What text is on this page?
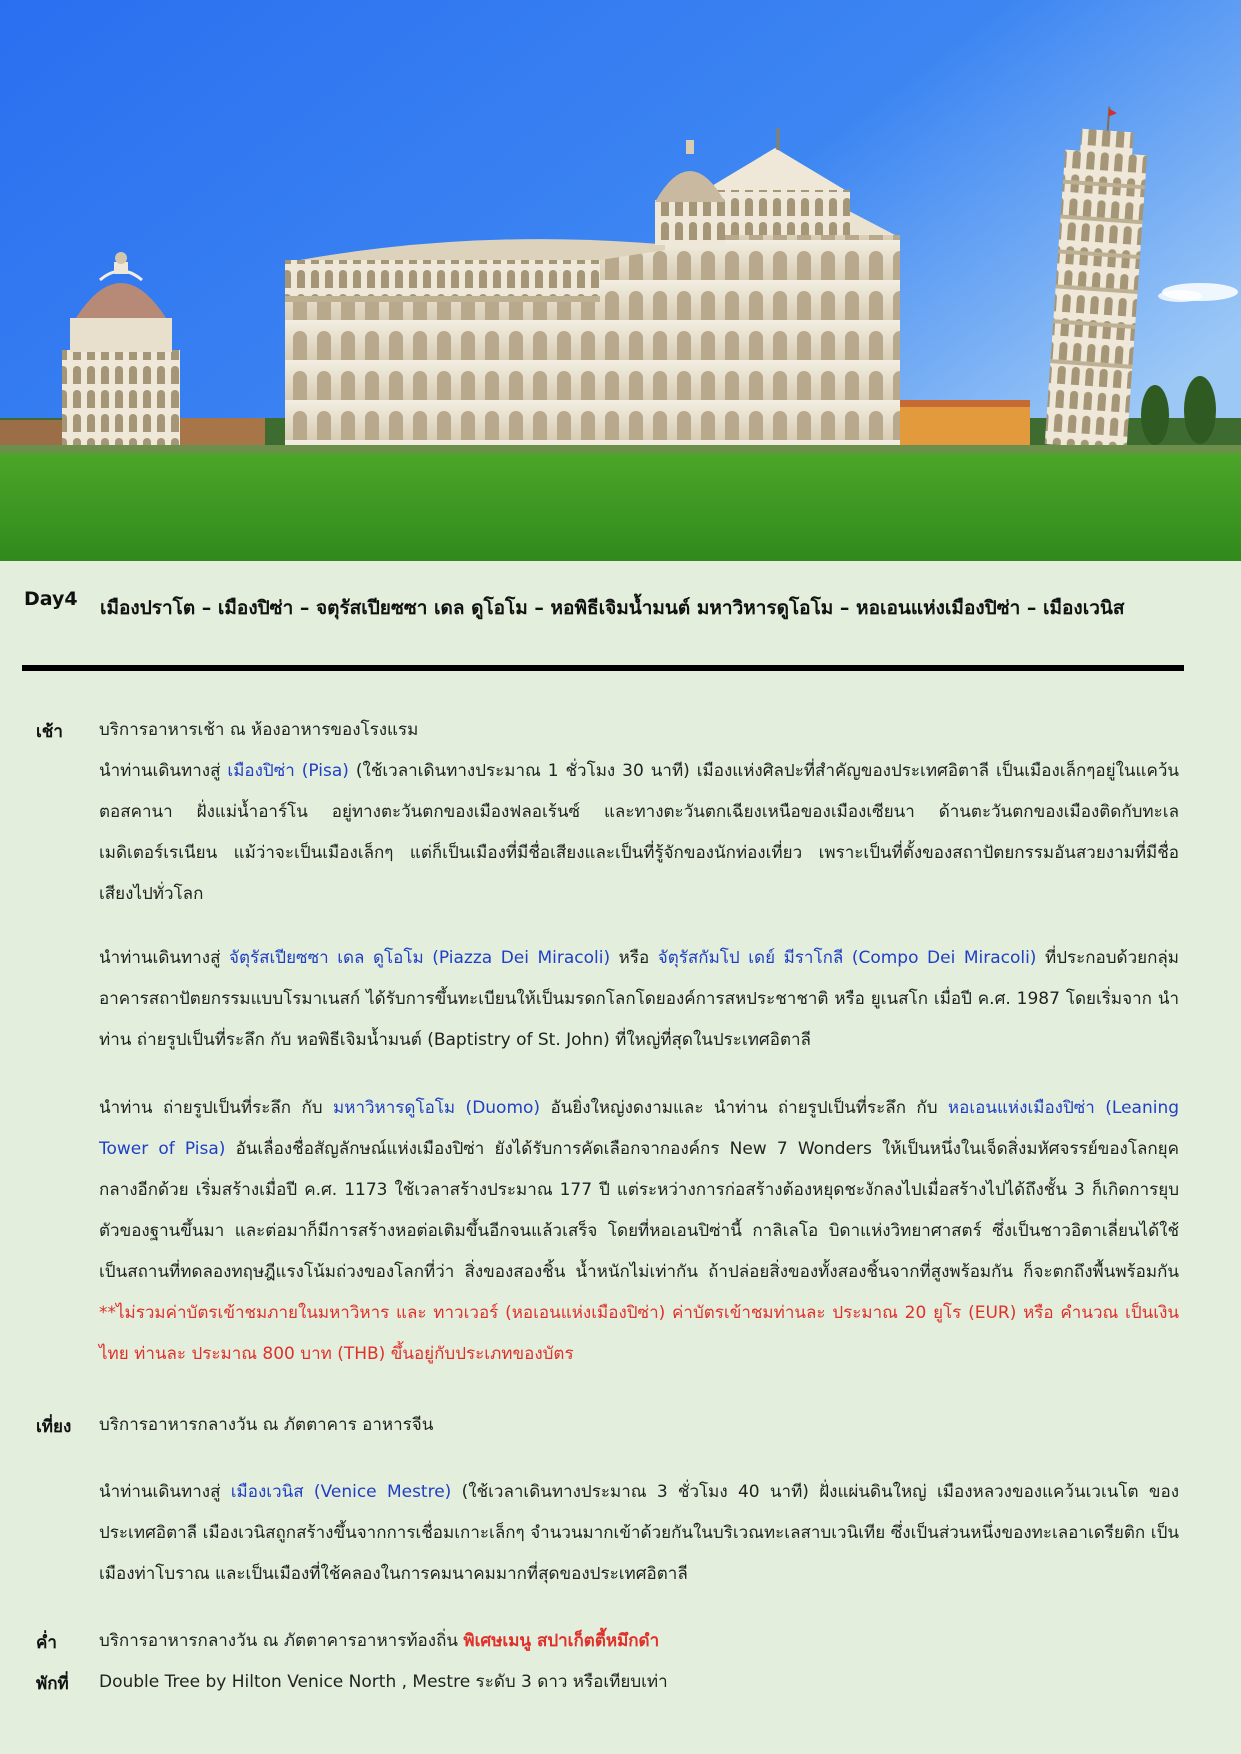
Day4 เมืองปราโต – เมืองปิซ่า – จตุรัสเปียซซา เดล ดูโอโม – หอพิธีเจิมน้ำมนต์ มหาวิหารดูโอโม – หอเอนแห่งเมืองปิซ่า – เมืองเวนิส
เช้า บริการอาหารเช้า ณ ห้องอาหารของโรงแรม
นำท่านเดินทางสู่ เมืองปิซ่า (Pisa) (ใช้เวลาเดินทางประมาณ 1 ชั่วโมง 30 นาที) เมืองแห่งศิลปะที่สำคัญของประเทศอิตาลี เป็นเมืองเล็กๆอยู่ในแคว้นตอสคานา ฝั่งแม่น้ำอาร์โน อยู่ทางตะวันตกของเมืองฟลอเร้นซ์ และทางตะวันตกเฉียงเหนือของเมืองเซียนา ด้านตะวันตกของเมืองติดกับทะเลเมดิเตอร์เรเนียน แม้ว่าจะเป็นเมืองเล็กๆ แต่ก็เป็นเมืองที่มีชื่อเสียงและเป็นที่รู้จักของนักท่องเที่ยว เพราะเป็นที่ตั้งของสถาปัตยกรรมอันสวยงามที่มีชื่อเสียงไปทั่วโลก
นำท่านเดินทางสู่ จัตุรัสเปียซซา เดล ดูโอโม (Piazza Dei Miracoli) หรือ จัตุรัสกัมโป เดย์ มีราโกลี (Compo Dei Miracoli) ที่ประกอบด้วยกลุ่มอาคารสถาปัตยกรรมแบบโรมาเนสก์ ได้รับการขึ้นทะเบียนให้เป็นมรดกโลกโดยองค์การสหประชาชาติ หรือ ยูเนสโก เมื่อปี ค.ศ. 1987 โดยเริ่มจาก นำท่าน ถ่ายรูปเป็นที่ระลึก กับ หอพิธีเจิมน้ำมนต์ (Baptistry of St. John) ที่ใหญ่ที่สุดในประเทศอิตาลี
นำท่าน ถ่ายรูปเป็นที่ระลึก กับ มหาวิหารดูโอโม (Duomo) อันยิ่งใหญ่งดงามและ นำท่าน ถ่ายรูปเป็นที่ระลึก กับ หอเอนแห่งเมืองปิซ่า (Leaning Tower of Pisa) อันเลื่องชื่อสัญลักษณ์แห่งเมืองปิซ่า ยังได้รับการคัดเลือกจากองค์กร New 7 Wonders ให้เป็นหนึ่งในเจ็ดสิ่งมหัศจรรย์ของโลกยุคกลางอีกด้วย เริ่มสร้างเมื่อปี ค.ศ. 1173 ใช้เวลาสร้างประมาณ 177 ปี แต่ระหว่างการก่อสร้างต้องหยุดชะงักลงไปเมื่อสร้างไปได้ถึงชั้น 3 ก็เกิดการยุบตัวของฐานขึ้นมา และต่อมาก็มีการสร้างหอต่อเติมขึ้นอีกจนแล้วเสร็จ โดยที่หอเอนปิซ่านี้ กาลิเลโอ บิดาแห่งวิทยาศาสตร์ ซึ่งเป็นชาวอิตาเลี่ยนได้ใช้เป็นสถานที่ทดลองทฤษฎีแรงโน้มถ่วงของโลกที่ว่า สิ่งของสองชิ้น น้ำหนักไม่เท่ากัน ถ้าปล่อยสิ่งของทั้งสองชิ้นจากที่สูงพร้อมกัน ก็จะตกถึงพื้นพร้อมกัน **ไม่รวมค่าบัตรเข้าชมภายในมหาวิหาร และ ทาวเวอร์ (หอเอนแห่งเมืองปิซ่า) ค่าบัตรเข้าชมท่านละ ประมาณ 20 ยูโร (EUR) หรือ คำนวณ เป็นเงินไทย ท่านละ ประมาณ 800 บาท (THB) ขึ้นอยู่กับประเภทของบัตร
เที่ยง บริการอาหารกลางวัน ณ ภัตตาคาร อาหารจีน
นำท่านเดินทางสู่ เมืองเวนิส (Venice Mestre) (ใช้เวลาเดินทางประมาณ 3 ชั่วโมง 40 นาที) ฝั่งแผ่นดินใหญ่ เมืองหลวงของแคว้นเวเนโต ของประเทศอิตาลี เมืองเวนิสถูกสร้างขึ้นจากการเชื่อมเกาะเล็กๆ จำนวนมากเข้าด้วยกันในบริเวณทะเลสาบเวนิเทีย ซึ่งเป็นส่วนหนึ่งของทะเลอาเดรียติก เป็นเมืองท่าโบราณ และเป็นเมืองที่ใช้คลองในการคมนาคมมากที่สุดของประเทศอิตาลี
ค่ำ บริการอาหารกลางวัน ณ ภัตตาคารอาหารท้องถิ่น พิเศษเมนู สปาเก็ตตี้หมึกดำ
พักที่ Double Tree by Hilton Venice North , Mestre ระดับ 3 ดาว หรือเทียบเท่า
